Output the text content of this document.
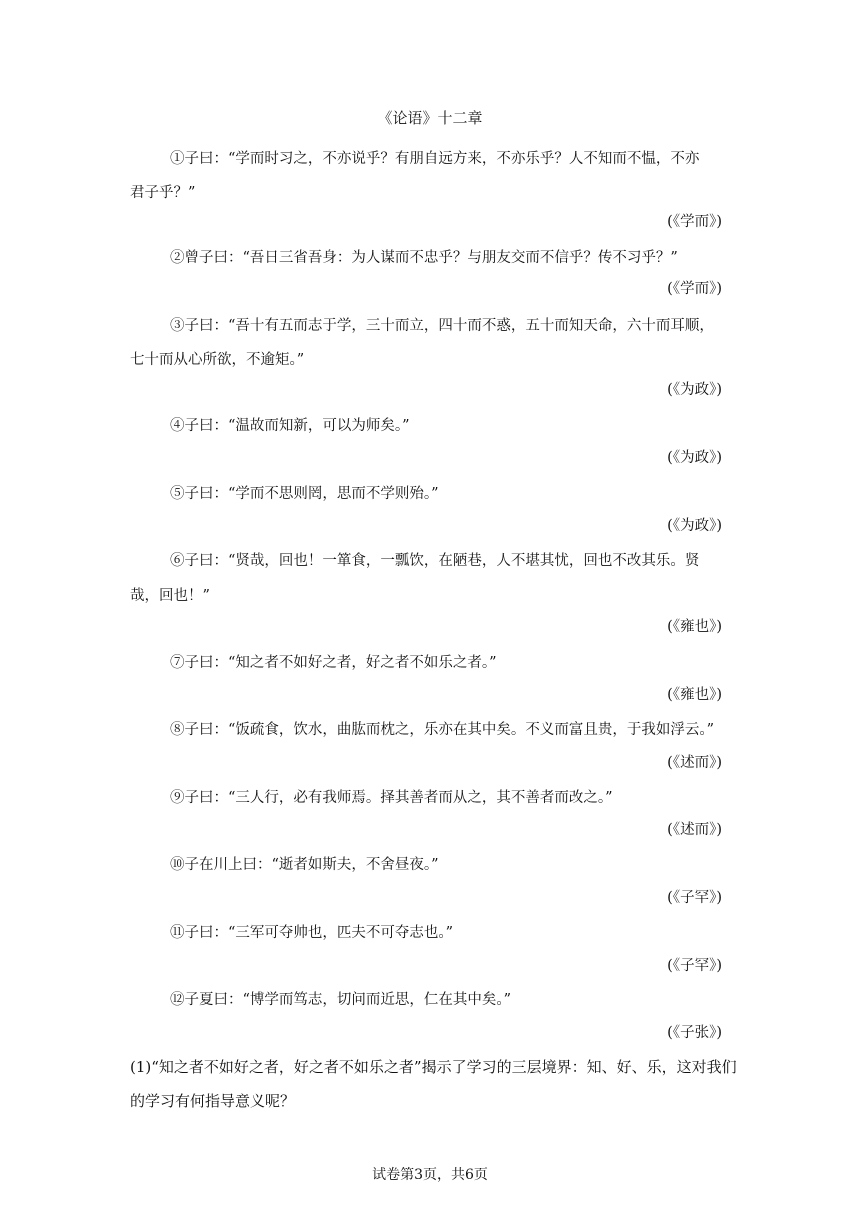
《论语》十二章
①子曰：“学而时习之，不亦说乎？有朋自远方来，不亦乐乎？人不知而不愠，不亦
君子乎？”
(《学而》)
②曾子曰：“吾日三省吾身：为人谋而不忠乎？与朋友交而不信乎？传不习乎？”
(《学而》)
③子曰：“吾十有五而志于学，三十而立，四十而不惑，五十而知天命，六十而耳顺，
七十而从心所欲，不逾矩。”
(《为政》)
④子曰：“温故而知新，可以为师矣。”
(《为政》)
⑤子曰：“学而不思则罔，思而不学则殆。”
(《为政》)
⑥子曰：“贤哉，回也！一箪食，一瓢饮，在陋巷，人不堪其忧，回也不改其乐。贤
哉，回也！”
(《雍也》)
⑦子曰：“知之者不如好之者，好之者不如乐之者。”
(《雍也》)
⑧子曰：“饭疏食，饮水，曲肱而枕之，乐亦在其中矣。不义而富且贵，于我如浮云。”
(《述而》)
⑨子曰：“三人行，必有我师焉。择其善者而从之，其不善者而改之。”
(《述而》)
⑩子在川上曰：“逝者如斯夫，不舍昼夜。”
(《子罕》)
⑪子曰：“三军可夺帅也，匹夫不可夺志也。”
(《子罕》)
⑫子夏曰：“博学而笃志，切问而近思，仁在其中矣。”
(《子张》)
(1)“知之者不如好之者，好之者不如乐之者”揭示了学习的三层境界：知、好、乐，这对我们
的学习有何指导意义呢？
试卷第3页，共6页
